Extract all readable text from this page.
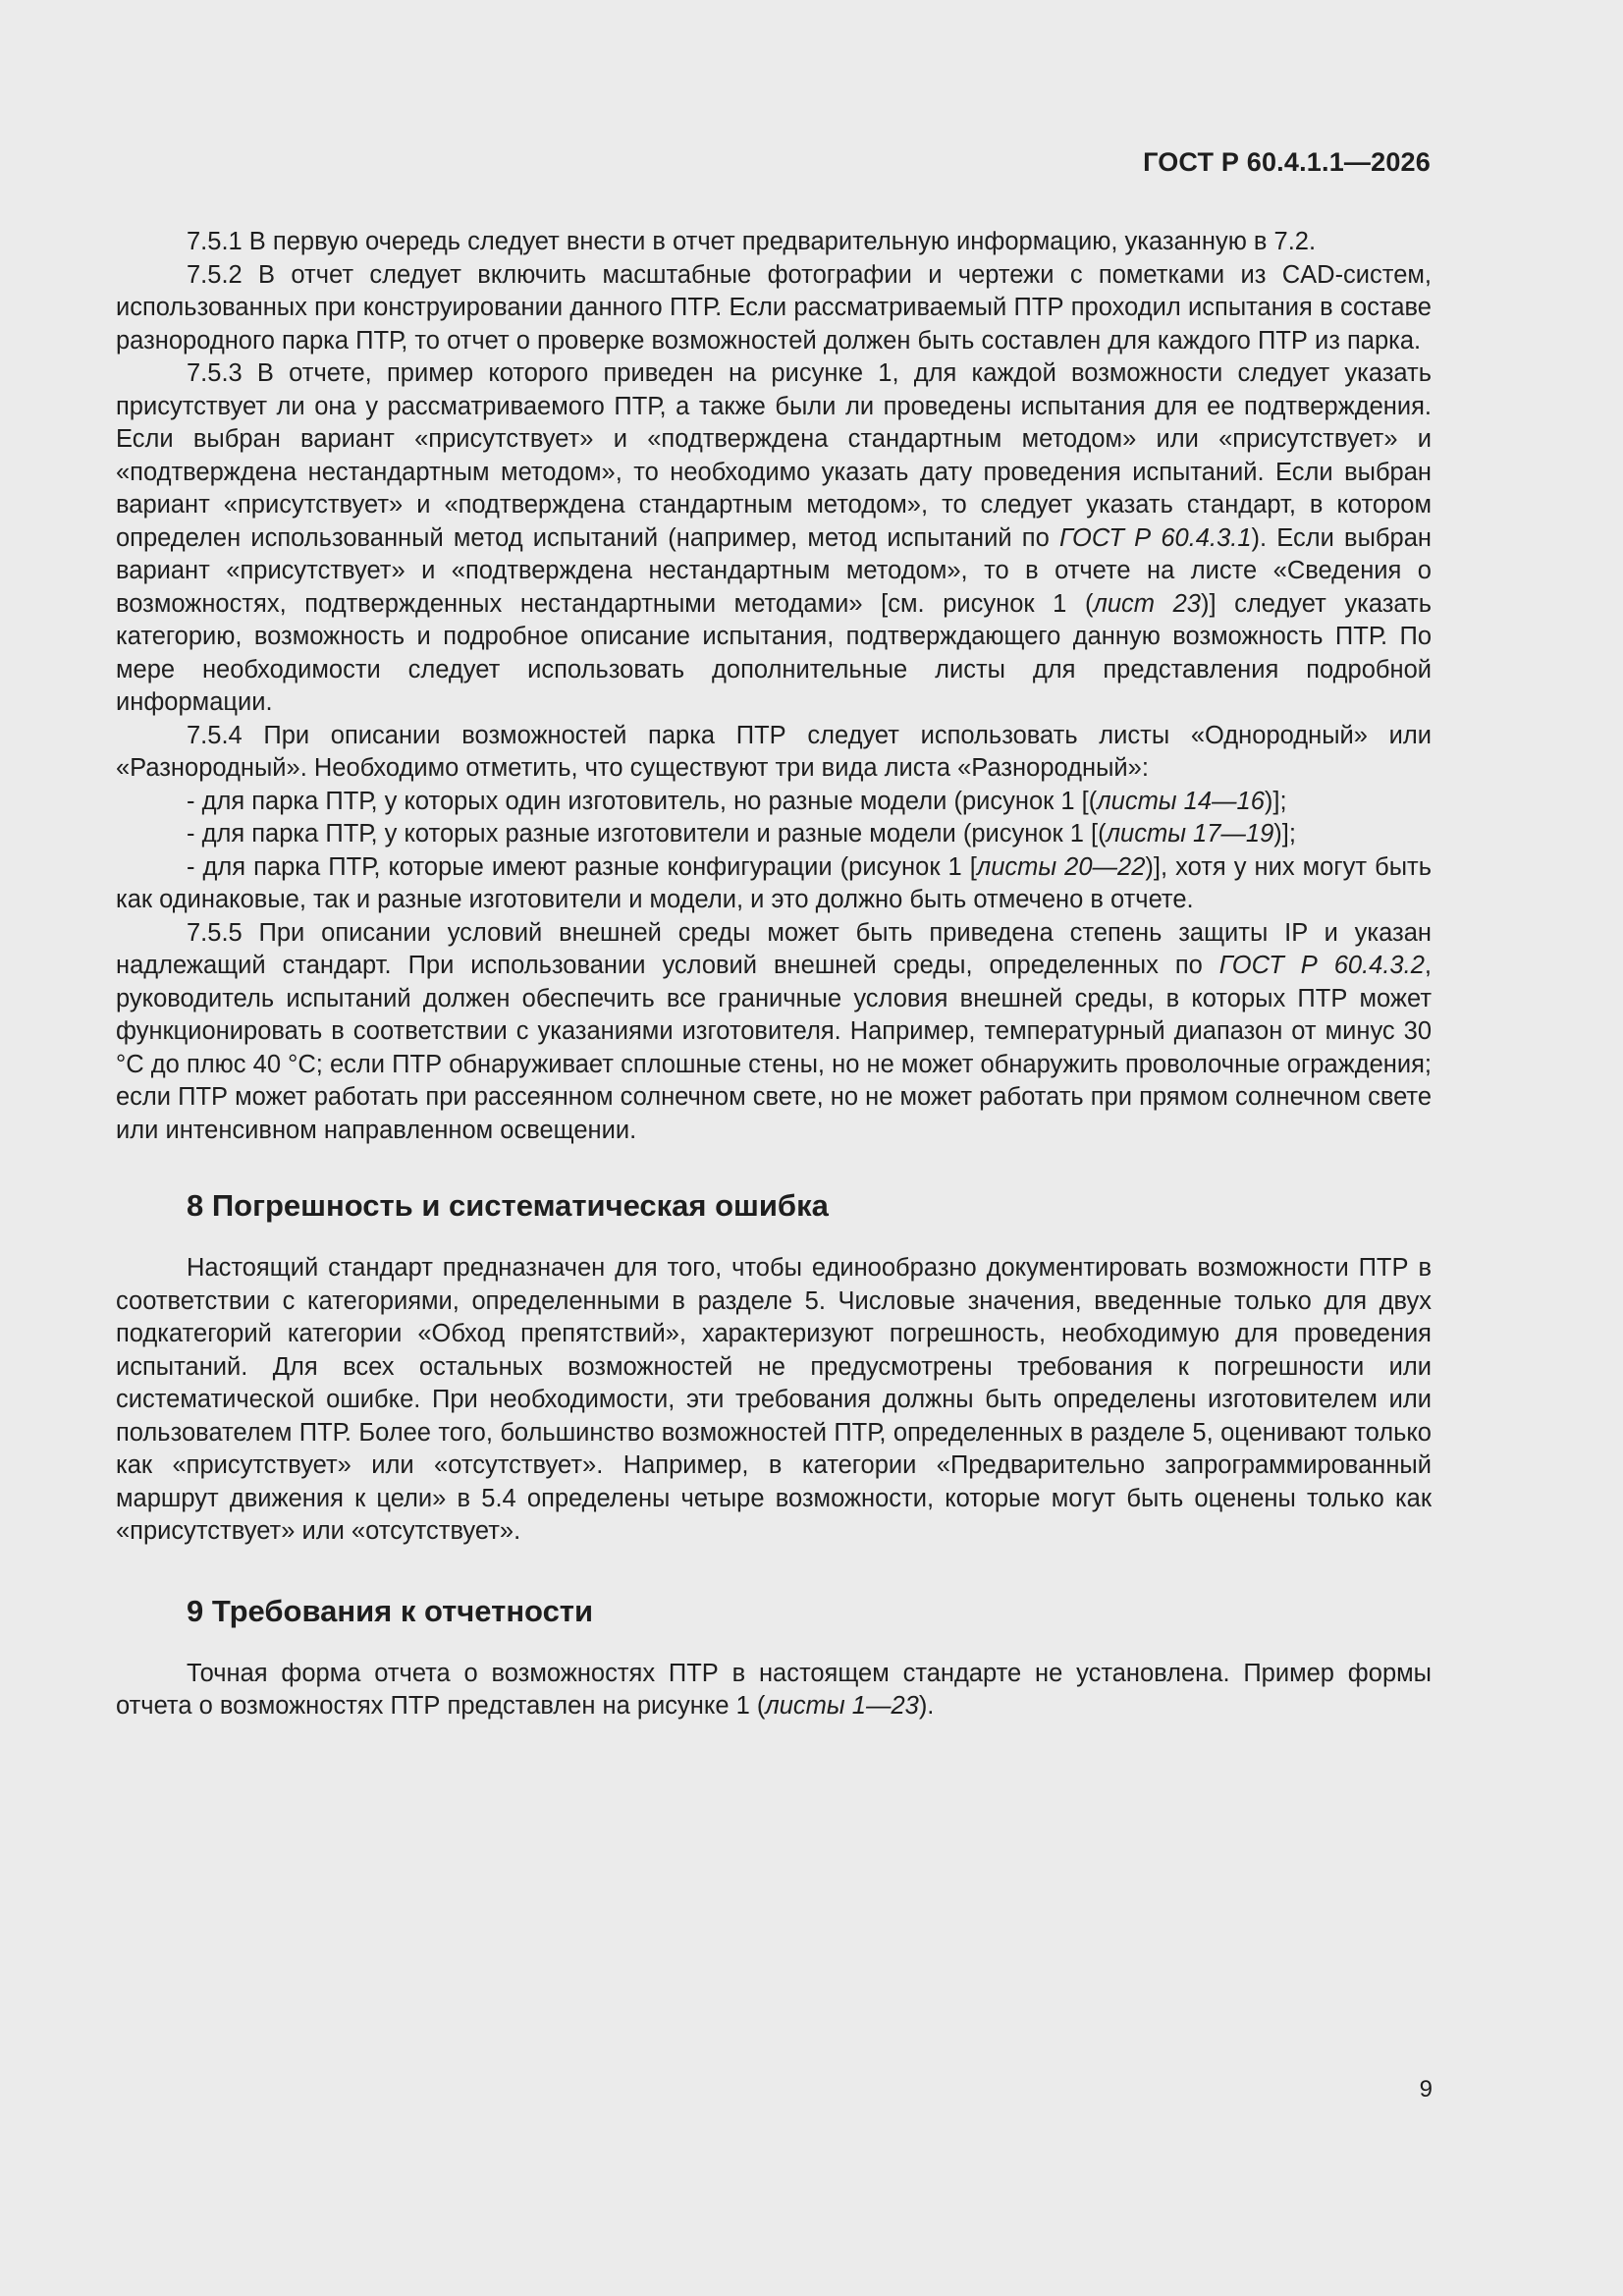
ГОСТ Р 60.4.1.1—2026

7.5.1 В первую очередь следует внести в отчет предварительную информацию, указанную в 7.2.

7.5.2 В отчет следует включить масштабные фотографии и чертежи с пометками из CAD-систем, использованных при конструировании данного ПТР. Если рассматриваемый ПТР проходил испытания в составе разнородного парка ПТР, то отчет о проверке возможностей должен быть составлен для каждого ПТР из парка.

7.5.3 В отчете, пример которого приведен на рисунке 1, для каждой возможности следует указать присутствует ли она у рассматриваемого ПТР, а также были ли проведены испытания для ее подтверждения. Если выбран вариант «присутствует» и «подтверждена стандартным методом» или «присутствует» и «подтверждена нестандартным методом», то необходимо указать дату проведения испытаний. Если выбран вариант «присутствует» и «подтверждена стандартным методом», то следует указать стандарт, в котором определен использованный метод испытаний (например, метод испытаний по ГОСТ Р 60.4.3.1). Если выбран вариант «присутствует» и «подтверждена нестандартным методом», то в отчете на листе «Сведения о возможностях, подтвержденных нестандартными методами» [см. рисунок 1 (лист 23)] следует указать категорию, возможность и подробное описание испытания, подтверждающего данную возможность ПТР. По мере необходимости следует использовать дополнительные листы для представления подробной информации.

7.5.4 При описании возможностей парка ПТР следует использовать листы «Однородный» или «Разнородный». Необходимо отметить, что существуют три вида листа «Разнородный»:

- для парка ПТР, у которых один изготовитель, но разные модели (рисунок 1 [(листы 14—16)];

- для парка ПТР, у которых разные изготовители и разные модели (рисунок 1 [(листы 17—19)];

- для парка ПТР, которые имеют разные конфигурации (рисунок 1 [листы 20—22)], хотя у них могут быть как одинаковые, так и разные изготовители и модели, и это должно быть отмечено в отчете.

7.5.5 При описании условий внешней среды может быть приведена степень защиты IP и указан надлежащий стандарт. При использовании условий внешней среды, определенных по ГОСТ Р 60.4.3.2, руководитель испытаний должен обеспечить все граничные условия внешней среды, в которых ПТР может функционировать в соответствии с указаниями изготовителя. Например, температурный диапазон от минус 30 °С до плюс 40 °С; если ПТР обнаруживает сплошные стены, но не может обнаружить проволочные ограждения; если ПТР может работать при рассеянном солнечном свете, но не может работать при прямом солнечном свете или интенсивном направленном освещении.

8 Погрешность и систематическая ошибка

Настоящий стандарт предназначен для того, чтобы единообразно документировать возможности ПТР в соответствии с категориями, определенными в разделе 5. Числовые значения, введенные только для двух подкатегорий категории «Обход препятствий», характеризуют погрешность, необходимую для проведения испытаний. Для всех остальных возможностей не предусмотрены требования к погрешности или систематической ошибке. При необходимости, эти требования должны быть определены изготовителем или пользователем ПТР. Более того, большинство возможностей ПТР, определенных в разделе 5, оценивают только как «присутствует» или «отсутствует». Например, в категории «Предварительно запрограммированный маршрут движения к цели» в 5.4 определены четыре возможности, которые могут быть оценены только как «присутствует» или «отсутствует».

9 Требования к отчетности

Точная форма отчета о возможностях ПТР в настоящем стандарте не установлена. Пример формы отчета о возможностях ПТР представлен на рисунке 1 (листы 1—23).

9
